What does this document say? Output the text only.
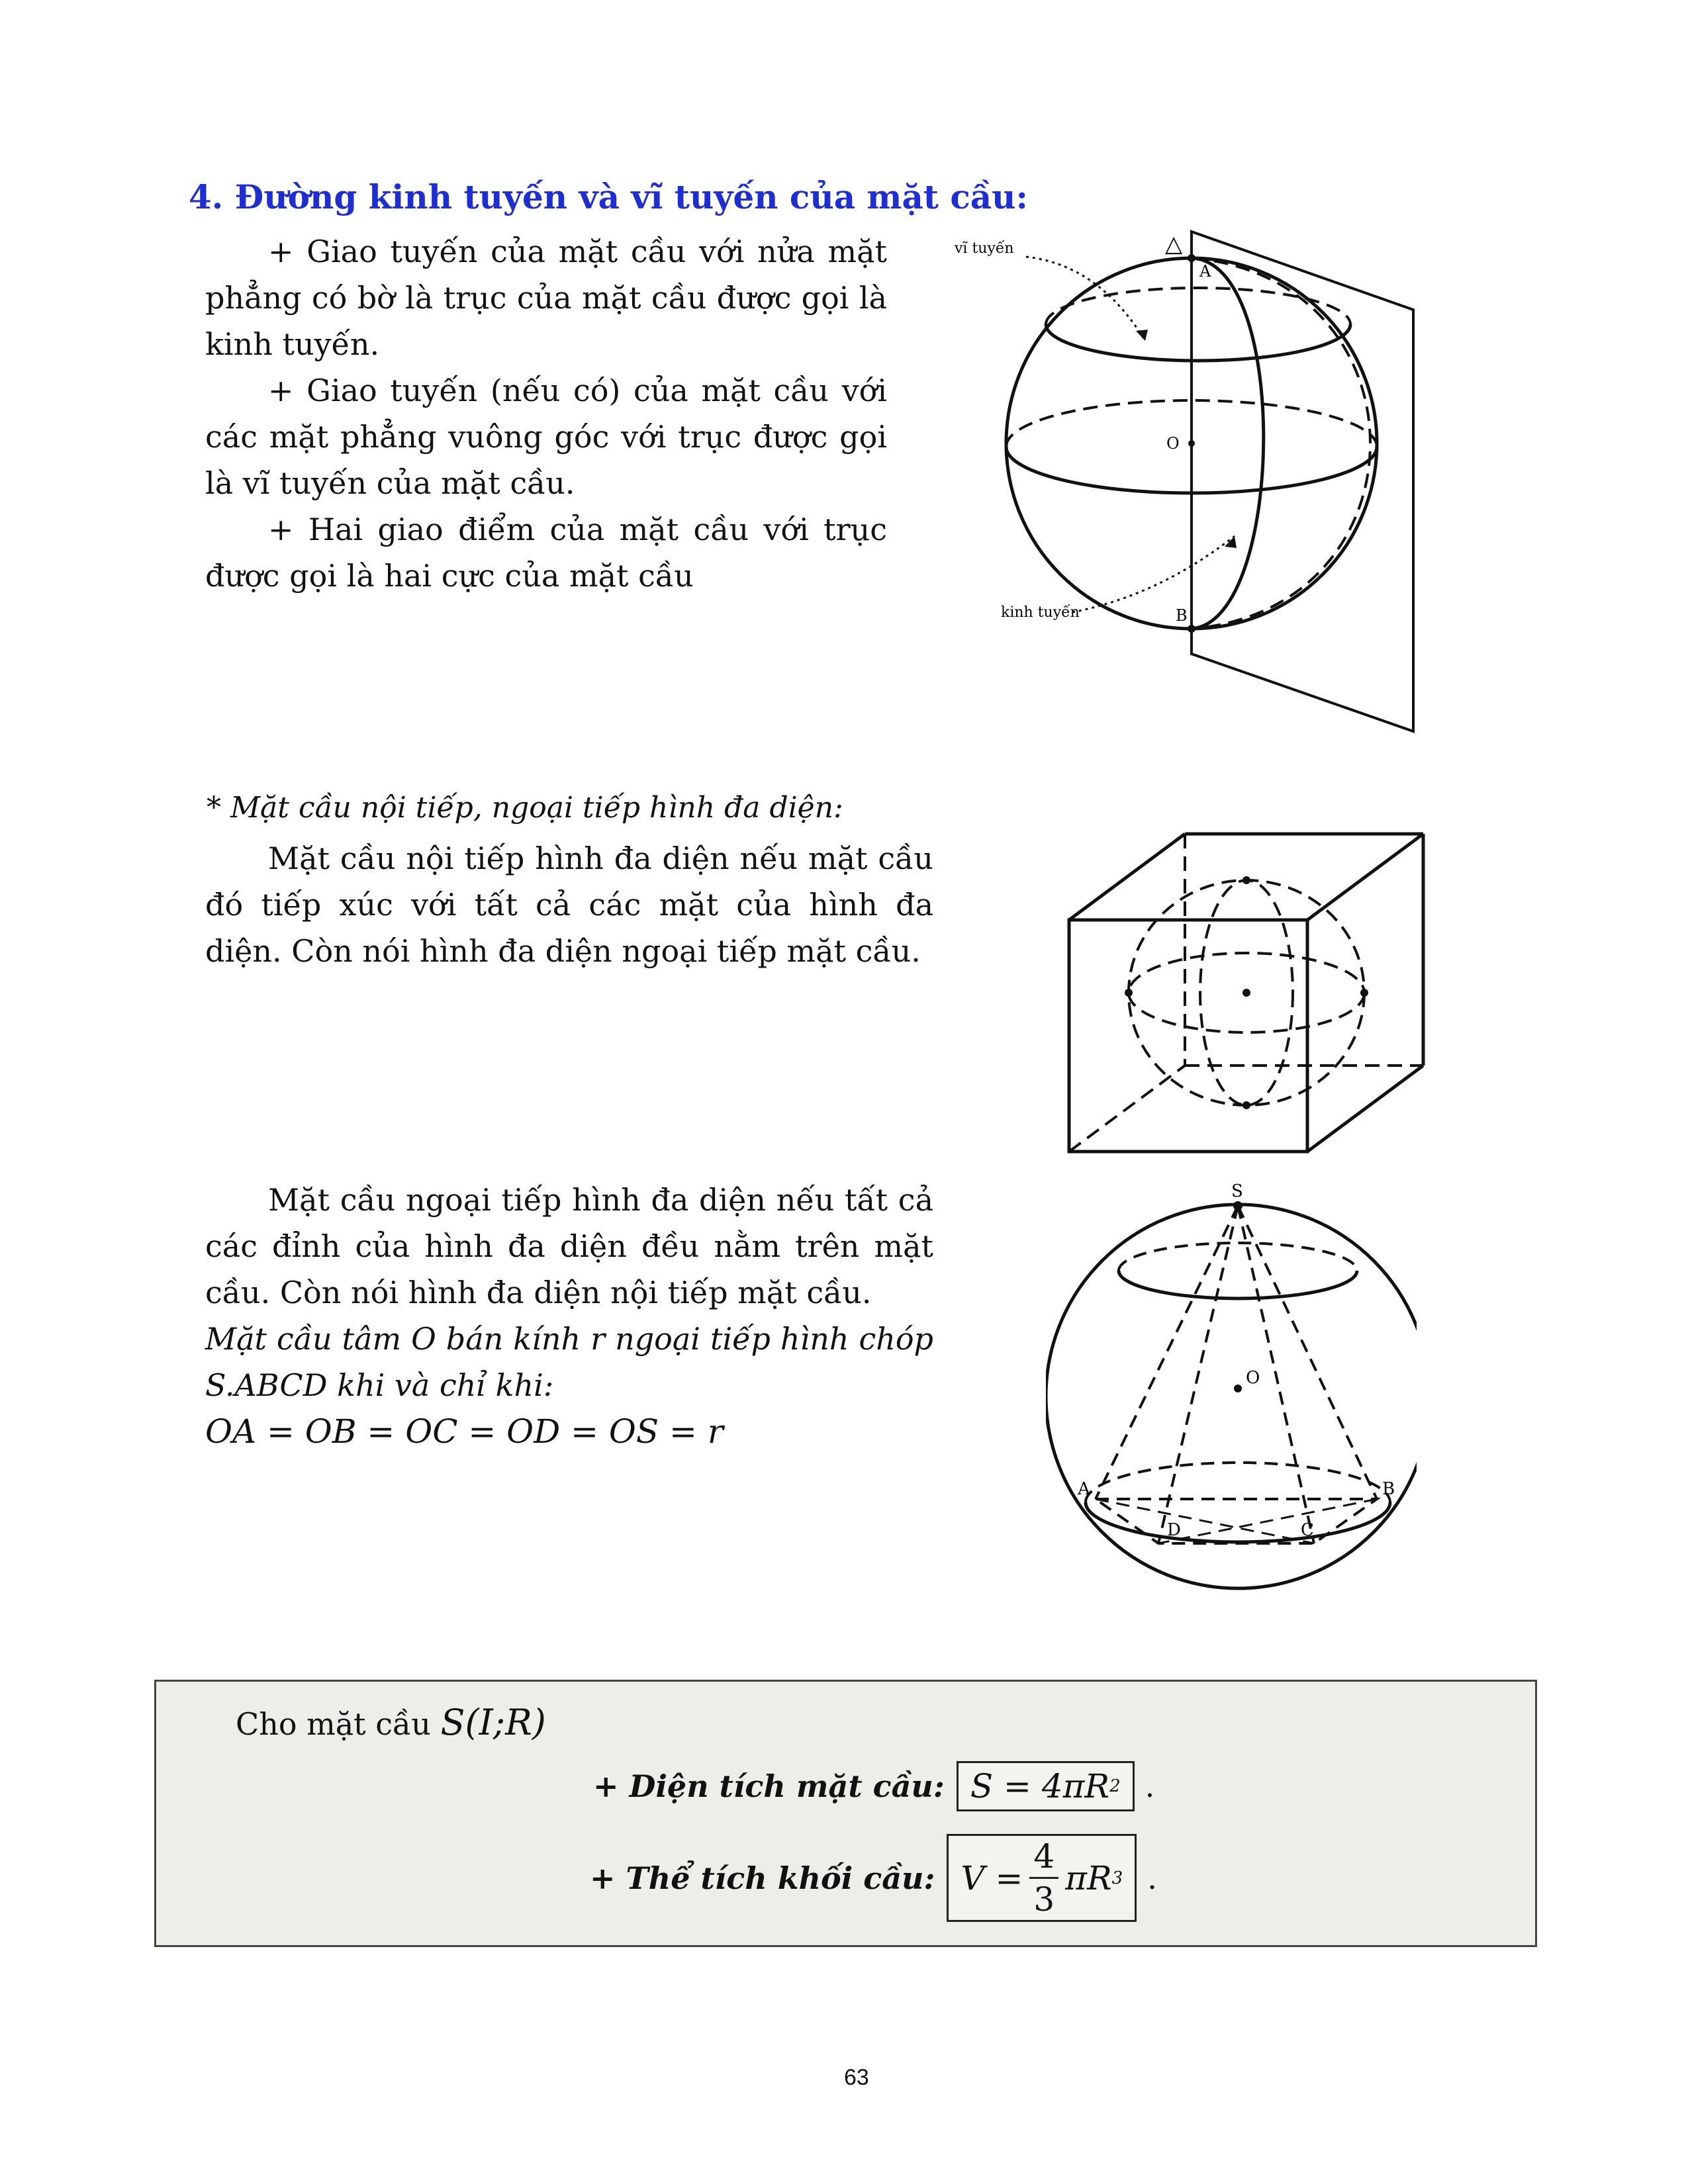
4. Đường kinh tuyến và vĩ tuyến của mặt cầu:

+ Giao tuyến của mặt cầu với nửa mặt phẳng có bờ là trục của mặt cầu được gọi là kinh tuyến.

+ Giao tuyến (nếu có) của mặt cầu với các mặt phẳng vuông góc với trục được gọi là vĩ tuyến của mặt cầu.

+ Hai giao điểm của mặt cầu với trục được gọi là hai cực của mặt cầu

vĩ tuyến
kinh tuyến
△
A
O
B
* Mặt cầu nội tiếp, ngoại tiếp hình đa diện:

Mặt cầu nội tiếp hình đa diện nếu mặt cầu đó tiếp xúc với tất cả các mặt của hình đa diện. Còn nói hình đa diện ngoại tiếp mặt cầu.

Mặt cầu ngoại tiếp hình đa diện nếu tất cả các đỉnh của hình đa diện đều nằm trên mặt cầu. Còn nói hình đa diện nội tiếp mặt cầu.

Mặt cầu tâm O bán kính r ngoại tiếp hình chóp S.ABCD khi và chỉ khi:

OA = OB = OC = OD = OS = r

S
O
A	B
C
D
Cho mặt cầu S(I;R)
+ Diện tích mặt cầu: S = 4πR 2 .
+ Thể tích khối cầu: $V = \frac{4}{3}$ πR 3 .
63
